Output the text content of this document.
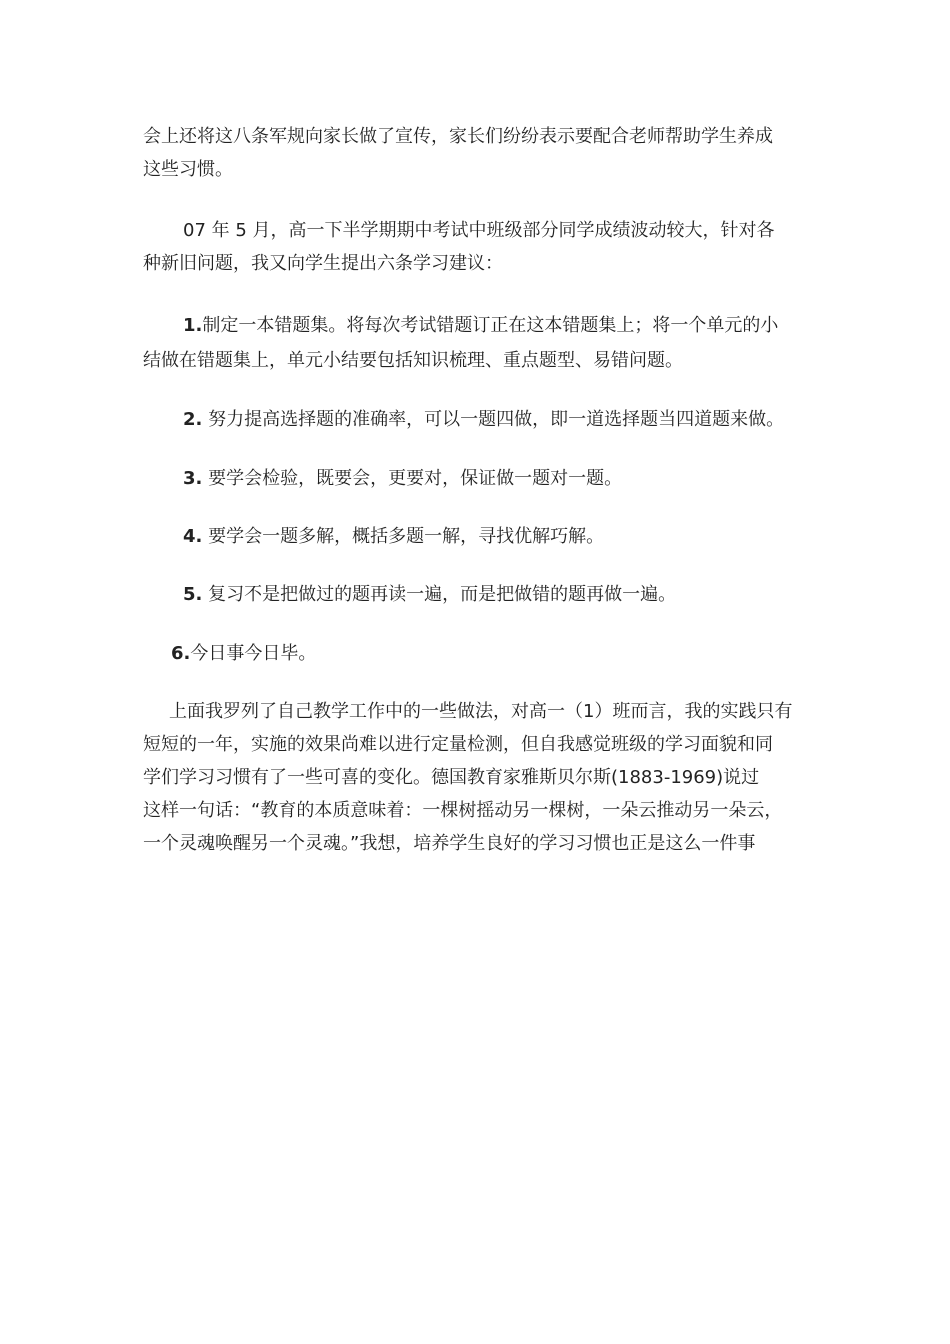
会上还将这八条军规向家长做了宣传，家长们纷纷表示要配合老师帮助学生养成
这些习惯。

07 年 5 月，高一下半学期期中考试中班级部分同学成绩波动较大，针对各
种新旧问题，我又向学生提出六条学习建议：

1.制定一本错题集。将每次考试错题订正在这本错题集上；将一个单元的小
结做在错题集上，单元小结要包括知识梳理、重点题型、易错问题。
2. 努力提高选择题的准确率，可以一题四做，即一道选择题当四道题来做。
3. 要学会检验，既要会，更要对，保证做一题对一题。
4. 要学会一题多解，概括多题一解，寻找优解巧解。
5. 复习不是把做过的题再读一遍，而是把做错的题再做一遍。
6.今日事今日毕。

上面我罗列了自己教学工作中的一些做法，对高一（1）班而言，我的实践只有
短短的一年，实施的效果尚难以进行定量检测，但自我感觉班级的学习面貌和同
学们学习习惯有了一些可喜的变化。德国教育家雅斯贝尔斯(1883-1969)说过
这样一句话：“教育的本质意味着：一棵树摇动另一棵树，一朵云推动另一朵云，
一个灵魂唤醒另一个灵魂。”我想，培养学生良好的学习习惯也正是这么一件事
